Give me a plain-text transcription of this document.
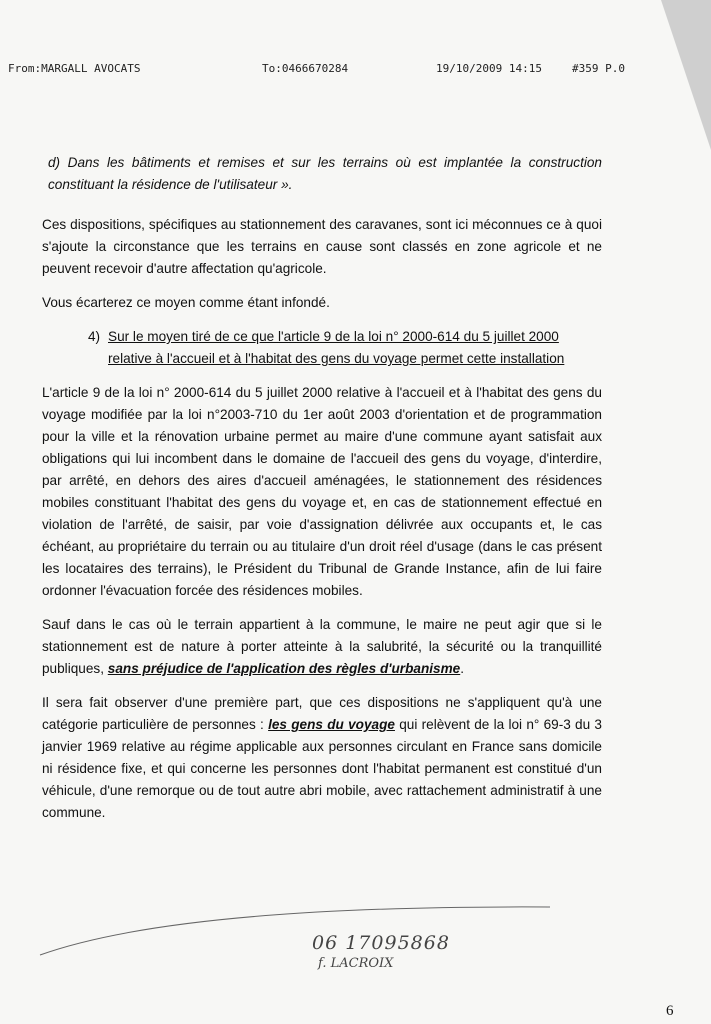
From:MARGALL AVOCATS	To:0466670284	19/10/2009 14:15	#359 P.0

d) Dans les bâtiments et remises et sur les terrains où est implantée la construction constituant la résidence de l'utilisateur ».

Ces dispositions, spécifiques au stationnement des caravanes, sont ici méconnues ce à quoi s'ajoute la circonstance que les terrains en cause sont classés en zone agricole et ne peuvent recevoir d'autre affectation qu'agricole.

Vous écarterez ce moyen comme étant infondé.

4) Sur le moyen tiré de ce que l'article 9 de la loi n° 2000-614 du 5 juillet 2000 relative à l'accueil et à l'habitat des gens du voyage permet cette installation

L'article 9 de la loi n° 2000-614 du 5 juillet 2000 relative à l'accueil et à l'habitat des gens du voyage modifiée par la loi n°2003-710 du 1er août 2003 d'orientation et de programmation pour la ville et la rénovation urbaine permet au maire d'une commune ayant satisfait aux obligations qui lui incombent dans le domaine de l'accueil des gens du voyage, d'interdire, par arrêté, en dehors des aires d'accueil aménagées, le stationnement des résidences mobiles constituant l'habitat des gens du voyage et, en cas de stationnement effectué en violation de l'arrêté, de saisir, par voie d'assignation délivrée aux occupants et, le cas échéant, au propriétaire du terrain ou au titulaire d'un droit réel d'usage (dans le cas présent les locataires des terrains), le Président du Tribunal de Grande Instance, afin de lui faire ordonner l'évacuation forcée des résidences mobiles.

Sauf dans le cas où le terrain appartient à la commune, le maire ne peut agir que si le stationnement est de nature à porter atteinte à la salubrité, la sécurité ou la tranquillité publiques, sans préjudice de l'application des règles d'urbanisme.

Il sera fait observer d'une première part, que ces dispositions ne s'appliquent qu'à une catégorie particulière de personnes : les gens du voyage qui relèvent de la loi n° 69-3 du 3 janvier 1969 relative au régime applicable aux personnes circulant en France sans domicile ni résidence fixe, et qui concerne les personnes dont l'habitat permanent est constitué d'un véhicule, d'une remorque ou de tout autre abri mobile, avec rattachement administratif à une commune.

06 17095868
f. LACROIX
6
